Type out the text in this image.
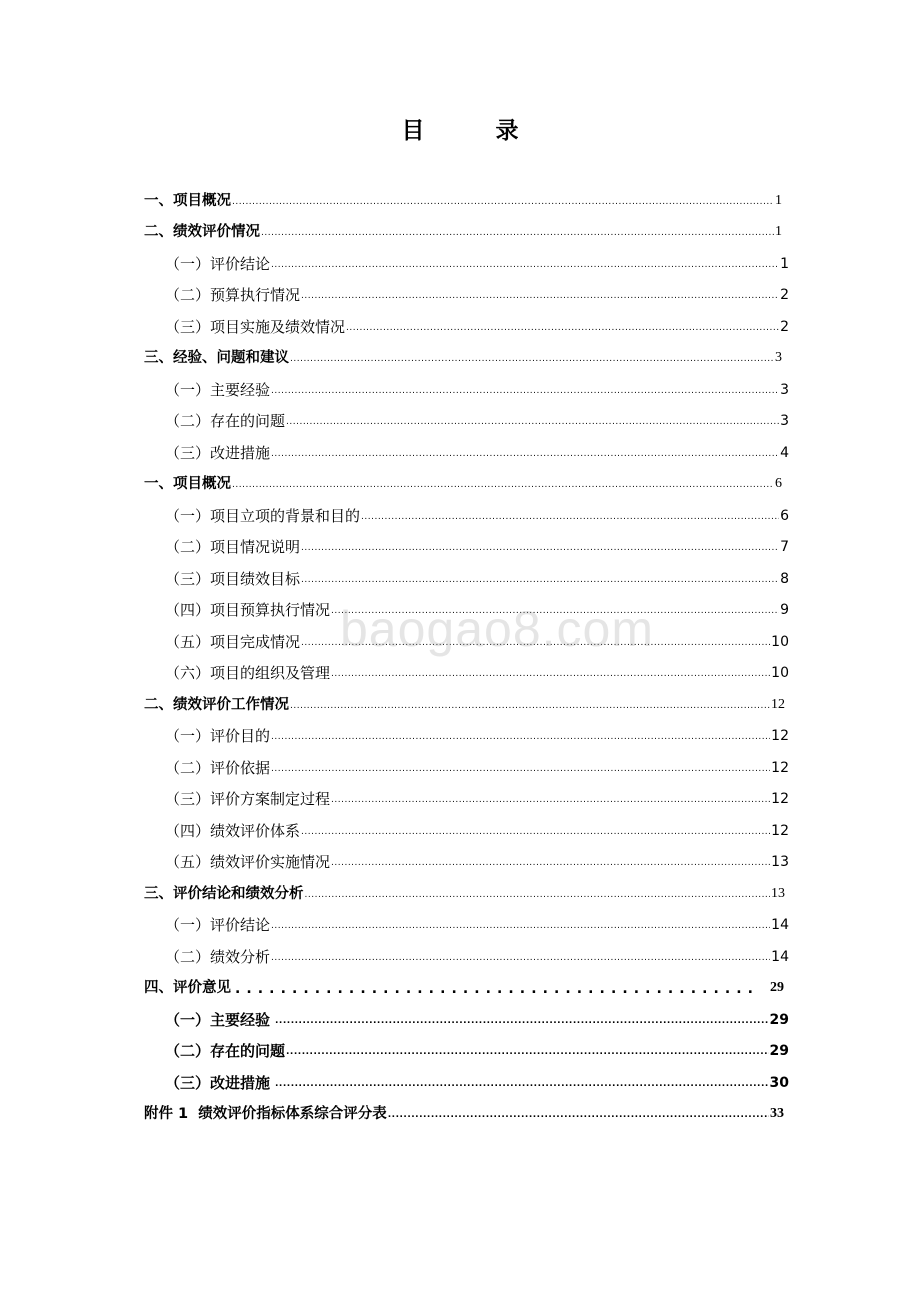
目　录
一、项目概况 .....	1
二、绩效评价情况 .....	1
（一）评价结论 .....	1
（二）预算执行情况 .....	2
（三）项目实施及绩效情况 .....	2
三、经验、问题和建议 .....	3
（一）主要经验 .....	3
（二）存在的问题 .....	3
（三）改进措施 .....	4
一、项目概况 .....	6
（一）项目立项的背景和目的 .....	6
（二）项目情况说明 .....	7
（三）项目绩效目标 .....	8
（四）项目预算执行情况 .....	9
（五）项目完成情况 .....	10
（六）项目的组织及管理 .....	10
二、绩效评价工作情况 .....	12
（一）评价目的 .....	12
（二）评价依据 .....	12
（三）评价方案制定过程 .....	12
（四）绩效评价体系 .....	12
（五）绩效评价实施情况 .....	13
三、评价结论和绩效分析 .....	13
（一）评价结论 .....	14
（二）绩效分析 .....	14
四、评价意见 . . .	29
（一）主要经验 .....	29
（二）存在的问题 .....	29
（三）改进措施 .....	30
附件 1  绩效评价指标体系综合评分表 .....	33
baogao8.com
